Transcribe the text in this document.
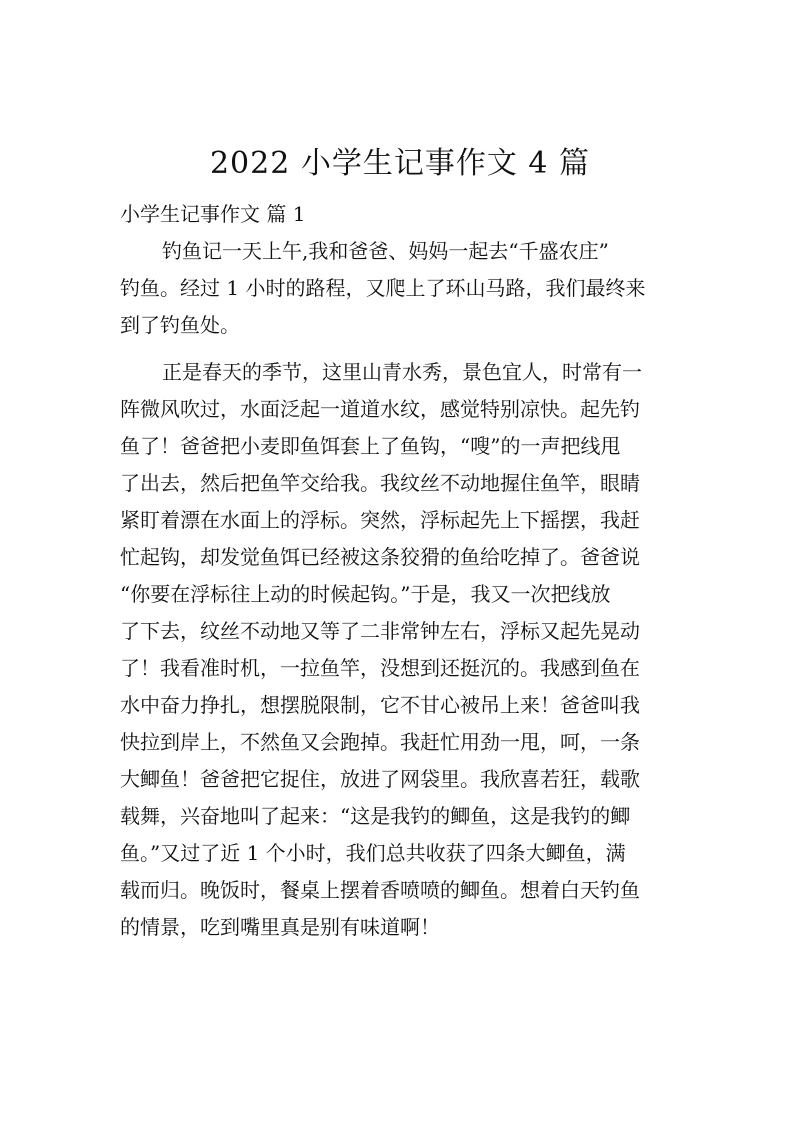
2022 小学生记事作文 4 篇
小学生记事作文 篇 1
钓鱼记一天上午,我和爸爸、妈妈一起去“千盛农庄”
钓鱼。经过 1 小时的路程，又爬上了环山马路，我们最终来
到了钓鱼处。
正是春天的季节，这里山青水秀，景色宜人，时常有一
阵微风吹过，水面泛起一道道水纹，感觉特别凉快。起先钓
鱼了！爸爸把小麦即鱼饵套上了鱼钩，“嗖”的一声把线甩
了出去，然后把鱼竿交给我。我纹丝不动地握住鱼竿，眼睛
紧盯着漂在水面上的浮标。突然，浮标起先上下摇摆，我赶
忙起钩，却发觉鱼饵已经被这条狡猾的鱼给吃掉了。爸爸说
“你要在浮标往上动的时候起钩。”于是，我又一次把线放
了下去，纹丝不动地又等了二非常钟左右，浮标又起先晃动
了！我看准时机，一拉鱼竿，没想到还挺沉的。我感到鱼在
水中奋力挣扎，想摆脱限制，它不甘心被吊上来！爸爸叫我
快拉到岸上，不然鱼又会跑掉。我赶忙用劲一甩，呵，一条
大鲫鱼！爸爸把它捉住，放进了网袋里。我欣喜若狂，载歌
载舞，兴奋地叫了起来：“这是我钓的鲫鱼，这是我钓的鲫
鱼。”又过了近 1 个小时，我们总共收获了四条大鲫鱼，满
载而归。晚饭时，餐桌上摆着香喷喷的鲫鱼。想着白天钓鱼
的情景，吃到嘴里真是别有味道啊！
